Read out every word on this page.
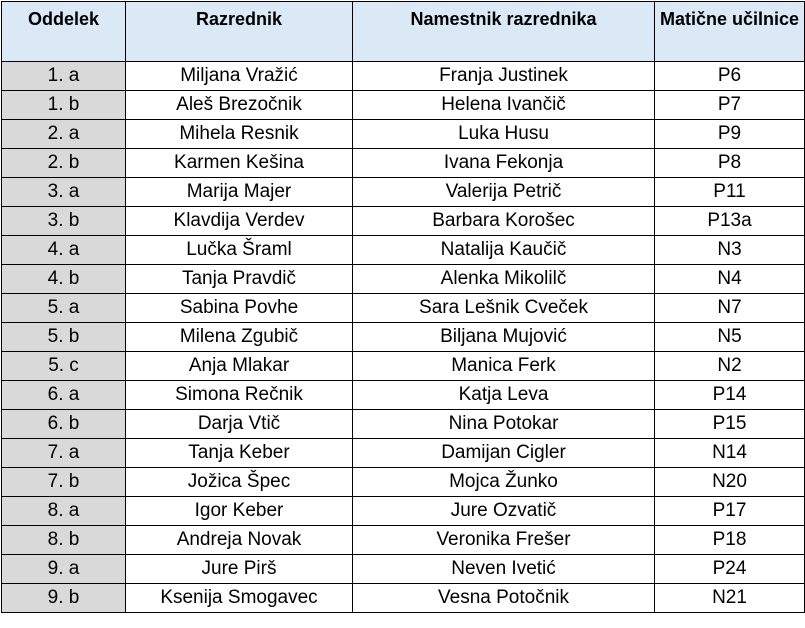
Oddelek	Razrednik	Namestnik razrednika	Matične učilnice
1. a	Miljana Vražić	Franja Justinek	P6
1. b	Aleš Brezočnik	Helena Ivančič	P7
2. a	Mihela Resnik	Luka Husu	P9
2. b	Karmen Kešina	Ivana Fekonja	P8
3. a	Marija Majer	Valerija Petrič	P11
3. b	Klavdija Verdev	Barbara Korošec	P13a
4. a	Lučka Šraml	Natalija Kaučič	N3
4. b	Tanja Pravdič	Alenka Mikolilč	N4
5. a	Sabina Povhe	Sara Lešnik Cveček	N7
5. b	Milena Zgubič	Biljana Mujović	N5
5. c	Anja Mlakar	Manica Ferk	N2
6. a	Simona Rečnik	Katja Leva	P14
6. b	Darja Vtič	Nina Potokar	P15
7. a	Tanja Keber	Damijan Cigler	N14
7. b	Jožica Špec	Mojca Žunko	N20
8. a	Igor Keber	Jure Ozvatič	P17
8. b	Andreja Novak	Veronika Frešer	P18
9. a	Jure Pirš	Neven Ivetić	P24
9. b	Ksenija Smogavec	Vesna Potočnik	N21
